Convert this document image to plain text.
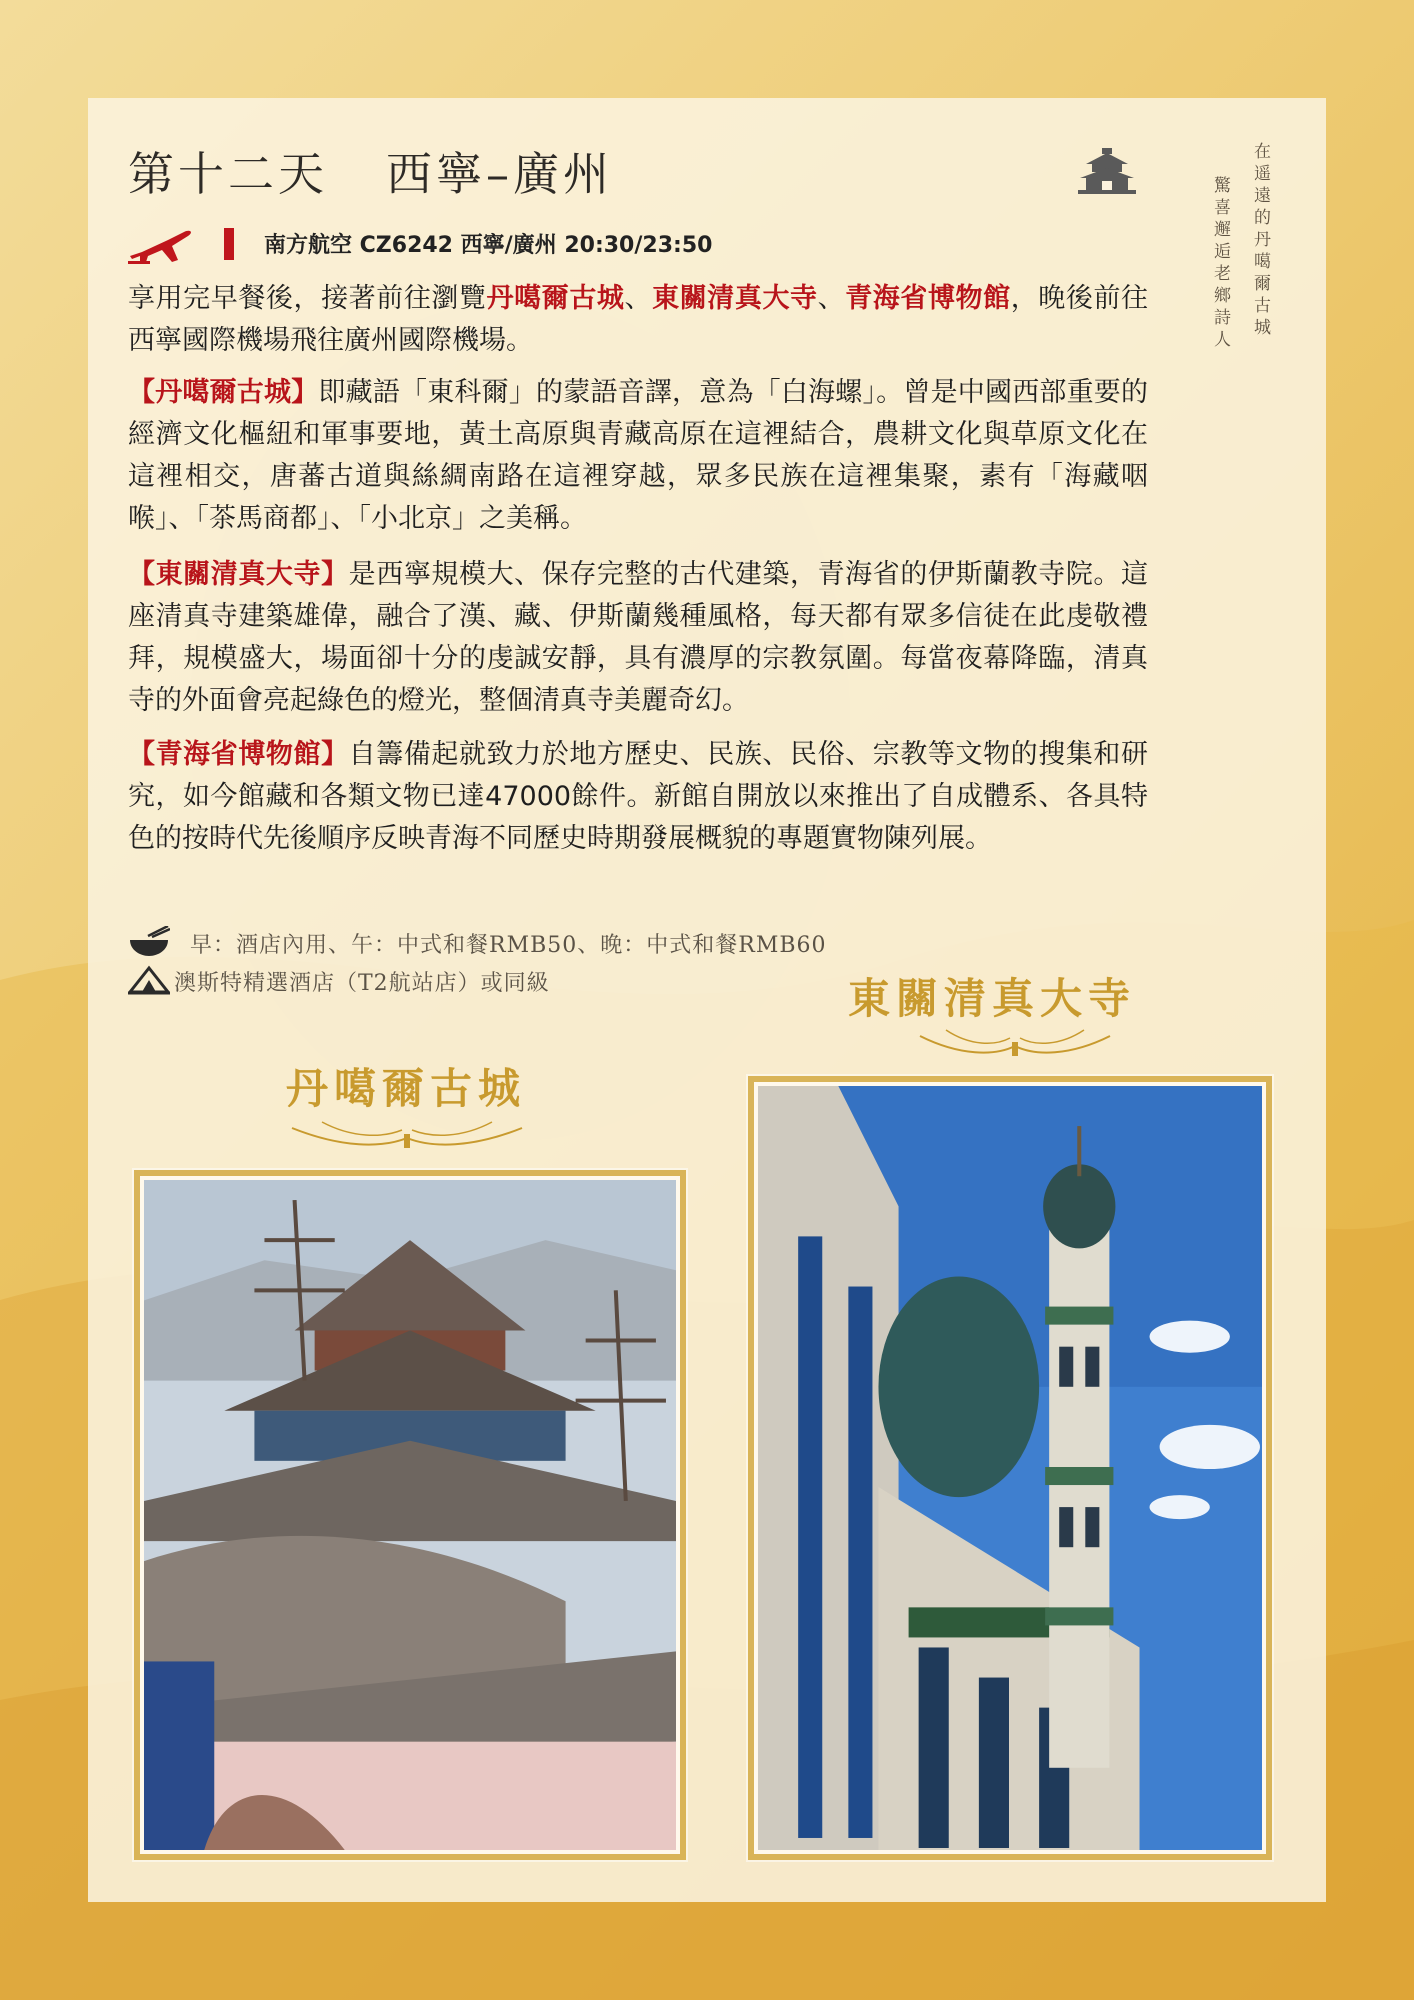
在遥遠的丹噶爾古城
驚喜邂逅老鄉詩人
第十二天 西寧–廣州
南方航空 CZ6242 西寧/廣州 20:30/23:50
享用完早餐後，接著前往瀏覽丹噶爾古城、東關清真大寺、青海省博物館，晚後前往西寧國際機場飛往廣州國際機場。
【丹噶爾古城】即藏語「東科爾」的蒙語音譯，意為「白海螺」。曾是中國西部重要的經濟文化樞紐和軍事要地，黃土高原與青藏高原在這裡結合，農耕文化與草原文化在這裡相交，唐蕃古道與絲綢南路在這裡穿越，眾多民族在這裡集聚，素有「海藏咽喉」、「茶馬商都」、「小北京」之美稱。
【東關清真大寺】是西寧規模大、保存完整的古代建築，青海省的伊斯蘭教寺院。這座清真寺建築雄偉，融合了漢、藏、伊斯蘭幾種風格，每天都有眾多信徒在此虔敬禮拜，規模盛大，場面卻十分的虔誠安靜，具有濃厚的宗教氛圍。每當夜幕降臨，清真寺的外面會亮起綠色的燈光，整個清真寺美麗奇幻。
【青海省博物館】自籌備起就致力於地方歷史、民族、民俗、宗教等文物的搜集和研究，如今館藏和各類文物已達47000餘件。新館自開放以來推出了自成體系、各具特色的按時代先後順序反映青海不同歷史時期發展概貌的專題實物陳列展。
早：酒店內用、午：中式和餐RMB50、晚：中式和餐RMB60
澳斯特精選酒店（T2航站店）或同級
丹噶爾古城
東關清真大寺
